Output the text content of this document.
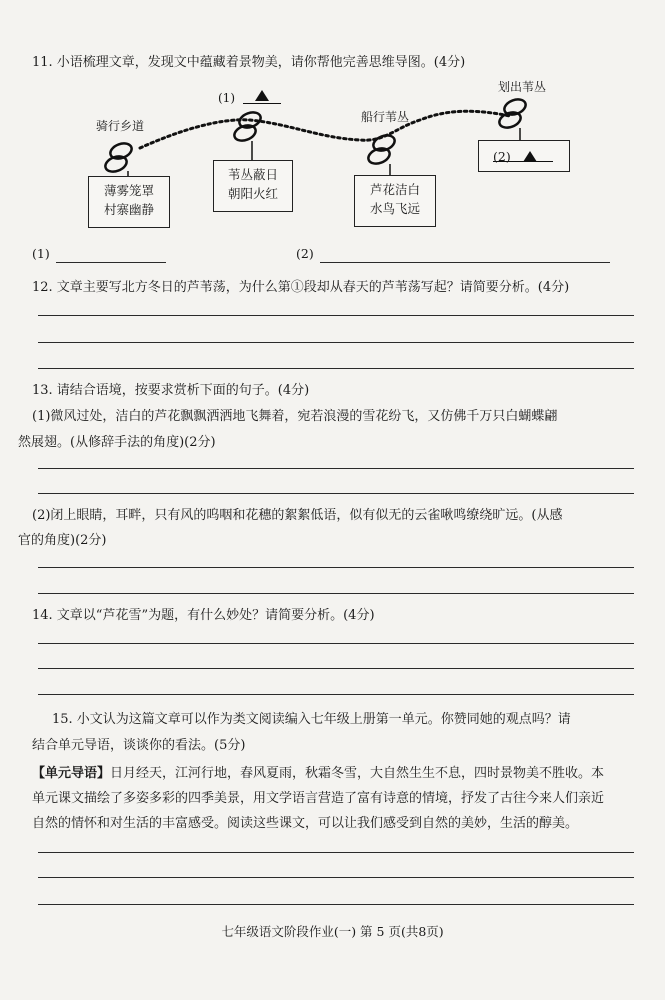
11. 小语梳理文章，发现文中蕴藏着景物美，请你帮他完善思维导图。(4分)
骑行乡道
薄雾笼罩
村寨幽静
(1)
苇丛蔽日
朝阳火红
船行苇丛
芦花洁白
水鸟飞远
划出苇丛
(2)
(1)	(2)
12. 文章主要写北方冬日的芦苇荡，为什么第①段却从春天的芦苇荡写起？请简要分析。(4分)
13. 请结合语境，按要求赏析下面的句子。(4分)
(1)微风过处，洁白的芦花飘飘洒洒地飞舞着，宛若浪漫的雪花纷飞，又仿佛千万只白蝴蝶翩
然展翅。(从修辞手法的角度)(2分)
(2)闭上眼睛，耳畔，只有风的呜咽和花穗的絮絮低语，似有似无的云雀啾鸣缭绕旷远。(从感
官的角度)(2分)
14. 文章以“芦花雪”为题，有什么妙处？请简要分析。(4分)
15. 小文认为这篇文章可以作为类文阅读编入七年级上册第一单元。你赞同她的观点吗？请
结合单元导语，谈谈你的看法。(5分)
【单元导语】日月经天，江河行地，春风夏雨，秋霜冬雪，大自然生生不息，四时景物美不胜收。本
单元课文描绘了多姿多彩的四季美景，用文学语言营造了富有诗意的情境，抒发了古往今来人们亲近
自然的情怀和对生活的丰富感受。阅读这些课文，可以让我们感受到自然的美妙，生活的醇美。
七年级语文阶段作业(一) 第 5 页(共8页)
